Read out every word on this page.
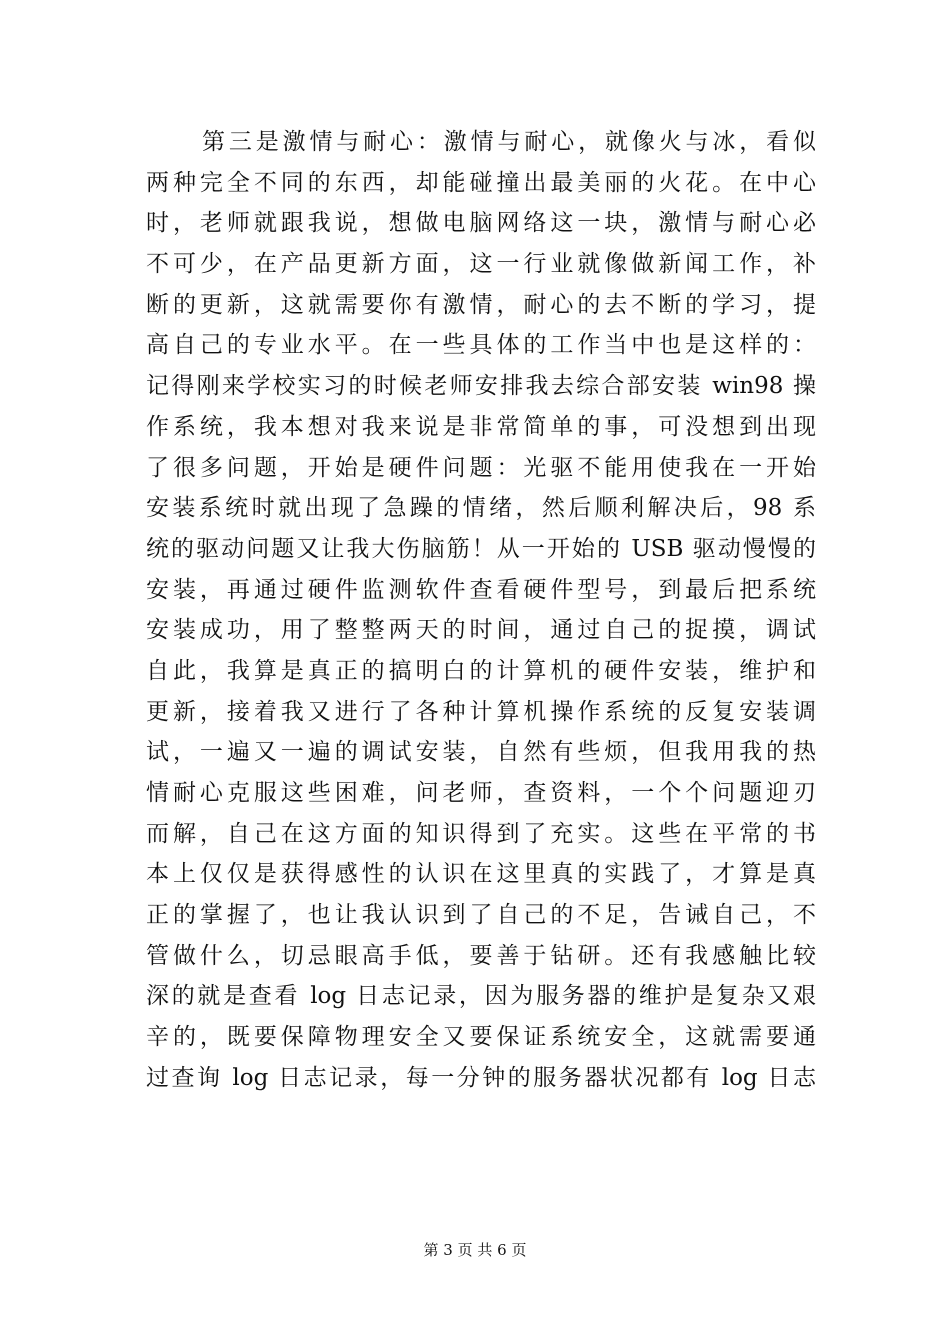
第三是激情与耐心：激情与耐心，就像火与冰，看似
两种完全不同的东西，却能碰撞出最美丽的火花。在中心
时，老师就跟我说，想做电脑网络这一块，激情与耐心必
不可少，在产品更新方面，这一行业就像做新闻工作，补
断的更新，这就需要你有激情，耐心的去不断的学习，提
高自己的专业水平。在一些具体的工作当中也是这样的：
记得刚来学校实习的时候老师安排我去综合部安装 win98 操
作系统，我本想对我来说是非常简单的事，可没想到出现
了很多问题，开始是硬件问题：光驱不能用使我在一开始
安装系统时就出现了急躁的情绪，然后顺利解决后，98 系
统的驱动问题又让我大伤脑筋！从一开始的 USB 驱动慢慢的
安装，再通过硬件监测软件查看硬件型号，到最后把系统
安装成功，用了整整两天的时间，通过自己的捉摸，调试
自此，我算是真正的搞明白的计算机的硬件安装，维护和
更新，接着我又进行了各种计算机操作系统的反复安装调
试，一遍又一遍的调试安装，自然有些烦，但我用我的热
情耐心克服这些困难，问老师，查资料，一个个问题迎刃
而解，自己在这方面的知识得到了充实。这些在平常的书
本上仅仅是获得感性的认识在这里真的实践了，才算是真
正的掌握了，也让我认识到了自己的不足，告诫自己，不
管做什么，切忌眼高手低，要善于钻研。还有我感触比较
深的就是查看 log 日志记录，因为服务器的维护是复杂又艰
辛的，既要保障物理安全又要保证系统安全，这就需要通
过查询 log 日志记录，每一分钟的服务器状况都有 log 日志
第 3 页 共 6 页
